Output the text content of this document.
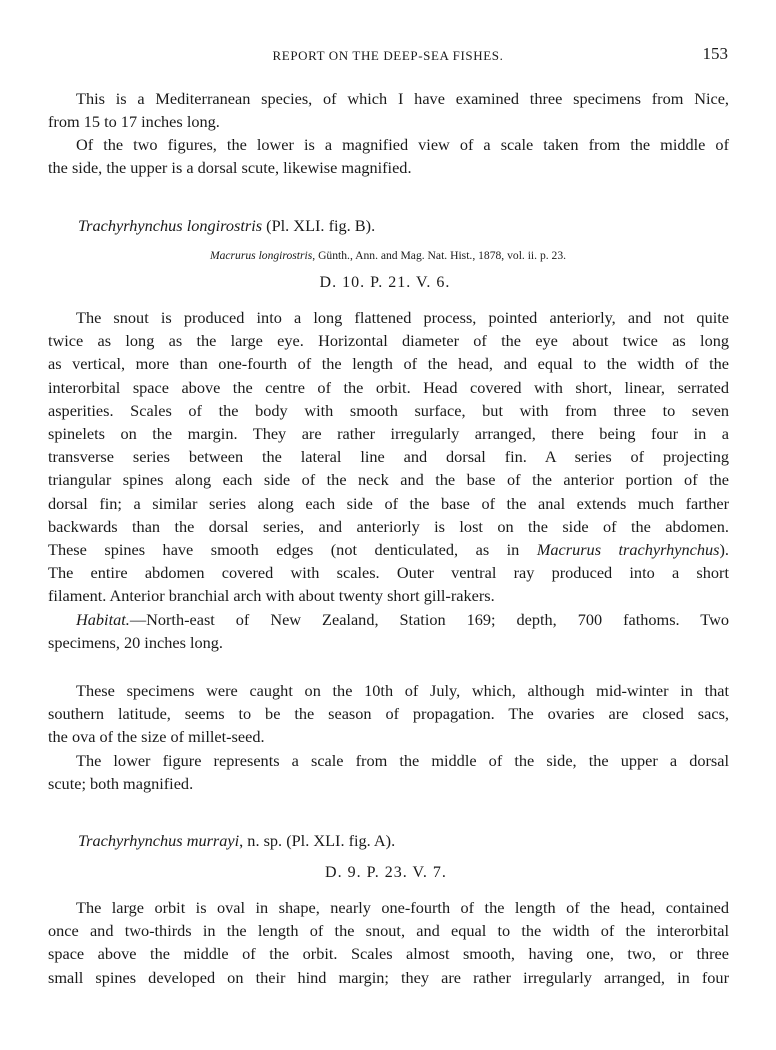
REPORT ON THE DEEP-SEA FISHES.	153
This is a Mediterranean species, of which I have examined three specimens from Nice,
from 15 to 17 inches long.
Of the two figures, the lower is a magnified view of a scale taken from the middle of
the side, the upper is a dorsal scute, likewise magnified.
Trachyrhynchus longirostris (Pl. XLI. fig. B).
Macrurus longirostris, Günth., Ann. and Mag. Nat. Hist., 1878, vol. ii. p. 23.
D. 10. P. 21. V. 6.
The snout is produced into a long flattened process, pointed anteriorly, and not quite
twice as long as the large eye. Horizontal diameter of the eye about twice as long
as vertical, more than one-fourth of the length of the head, and equal to the width of the
interorbital space above the centre of the orbit. Head covered with short, linear, serrated
asperities. Scales of the body with smooth surface, but with from three to seven
spinelets on the margin. They are rather irregularly arranged, there being four in a
transverse series between the lateral line and dorsal fin. A series of projecting
triangular spines along each side of the neck and the base of the anterior portion of the
dorsal fin; a similar series along each side of the base of the anal extends much farther
backwards than the dorsal series, and anteriorly is lost on the side of the abdomen.
These spines have smooth edges (not denticulated, as in Macrurus trachyrhynchus).
The entire abdomen covered with scales. Outer ventral ray produced into a short
filament. Anterior branchial arch with about twenty short gill-rakers.
Habitat.—North-east of New Zealand, Station 169; depth, 700 fathoms. Two
specimens, 20 inches long.
These specimens were caught on the 10th of July, which, although mid-winter in that
southern latitude, seems to be the season of propagation. The ovaries are closed sacs,
the ova of the size of millet-seed.
The lower figure represents a scale from the middle of the side, the upper a dorsal
scute; both magnified.
Trachyrhynchus murrayi, n. sp. (Pl. XLI. fig. A).
D. 9. P. 23. V. 7.
The large orbit is oval in shape, nearly one-fourth of the length of the head, contained
once and two-thirds in the length of the snout, and equal to the width of the interorbital
space above the middle of the orbit. Scales almost smooth, having one, two, or three
small spines developed on their hind margin; they are rather irregularly arranged, in four
